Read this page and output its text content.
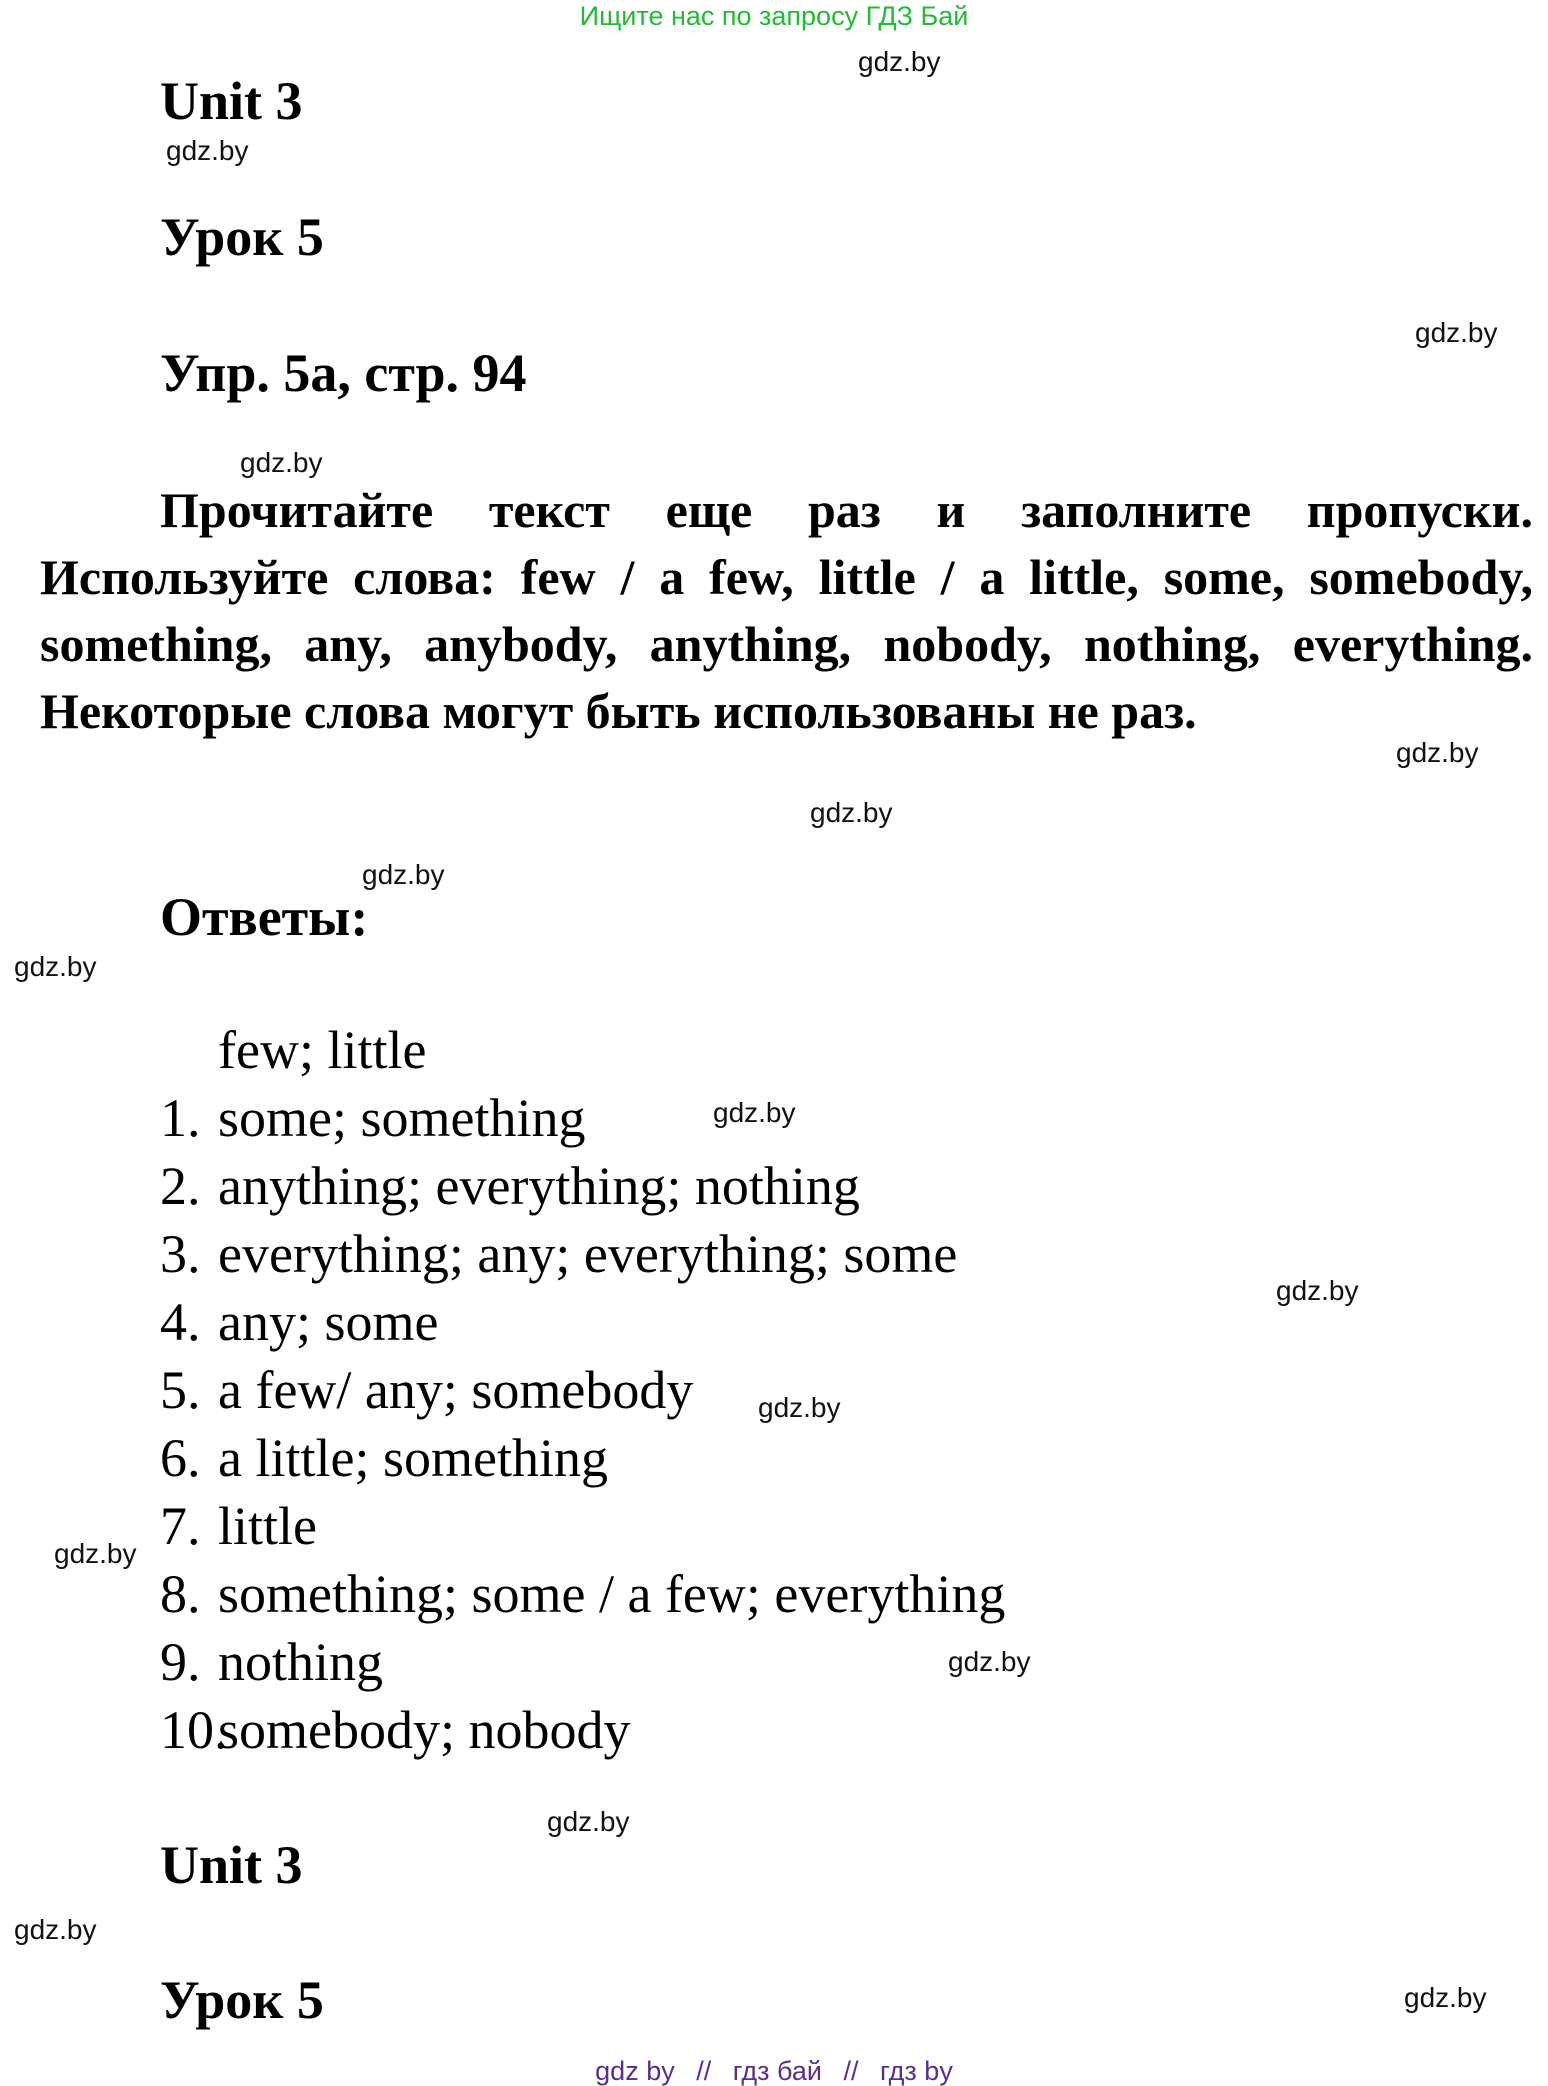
Ищите нас по запросу ГДЗ Бай
gdz.by
gdz.by
gdz.by
gdz.by
gdz.by
gdz.by
gdz.by
gdz.by
gdz.by
gdz.by
gdz.by
gdz.by
gdz.by
gdz.by
gdz.by
gdz.by
Unit 3
Урок 5
Упр. 5а, стр. 94

Прочитайте текст еще раз и заполните пропуски. Используйте слова: few / a few, little / a little, some, somebody, something, any, anybody, anything, nobody, nothing, everything. Некоторые слова могут быть использованы не раз.

Ответы:
few; little
1. some; something
2. anything; everything; nothing
3. everything; any; everything; some
4. any; some
5. a few/ any; somebody
6. a little; something
7. little
8. something; some / a few; everything
9. nothing
10.somebody; nobody
Unit 3
Урок 5
gdz by // гдз бай // гдз by
